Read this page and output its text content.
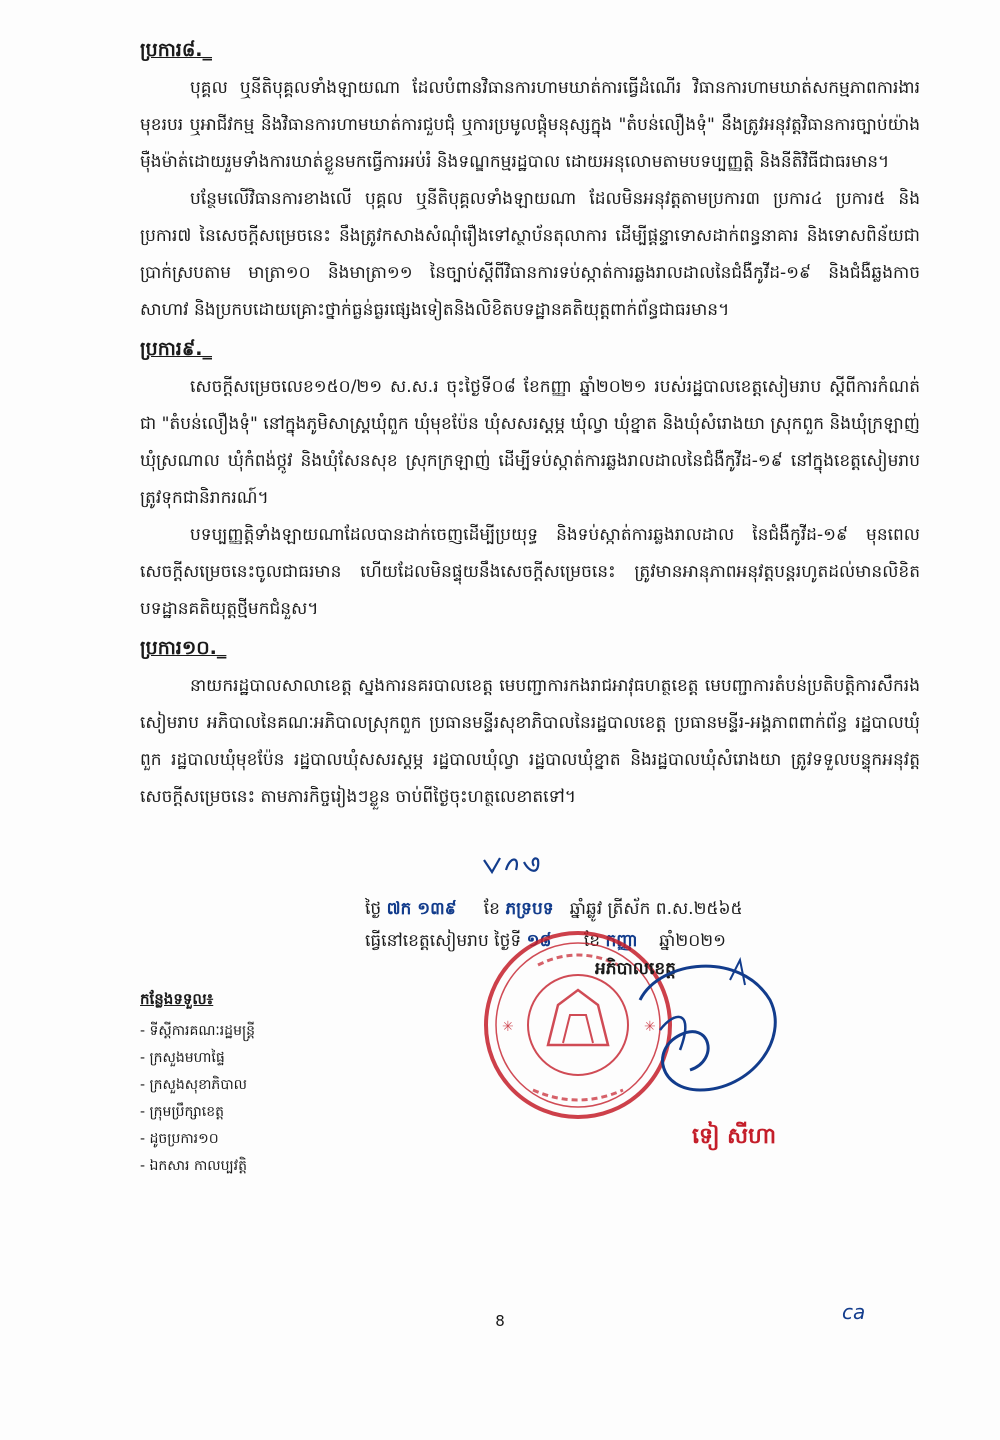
ប្រការ៨._

បុគ្គល ឬនីតិបុគ្គលទាំងឡាយណា ដែលបំពានវិធានការហាមឃាត់ការធ្វើដំណើរ វិធានការហាមឃាត់សកម្មភាពការងារ មុខរបរ ឬអាជីវកម្ម និងវិធានការហាមឃាត់ការជួបជុំ ឬការប្រមូលផ្តុំមនុស្សក្នុង "តំបន់លឿងទុំ" នឹងត្រូវអនុវត្តវិធានការច្បាប់យ៉ាងម៉ឺងម៉ាត់ដោយរួមទាំងការឃាត់ខ្លួនមកធ្វើការអប់រំ និងទណ្ឌកម្មរដ្ឋបាល ដោយអនុលោមតាមបទប្បញ្ញត្តិ និងនីតិវិធីជាធរមាន។

បន្ថែមលើវិធានការខាងលើ បុគ្គល ឬនីតិបុគ្គលទាំងឡាយណា ដែលមិនអនុវត្តតាមប្រការ៣ ប្រការ៤ ប្រការ៥ និងប្រការ៧ នៃសេចក្តីសម្រេចនេះ នឹងត្រូវកសាងសំណុំរឿងទៅស្ថាប័នតុលាការ ដើម្បីផ្តន្ទាទោសដាក់ពន្ធនាគារ និងទោសពិន័យជាប្រាក់ស្របតាម មាត្រា១០ និងមាត្រា១១ នៃច្បាប់ស្តីពីវិធានការទប់ស្កាត់ការឆ្លងរាលដាលនៃជំងឺកូវីដ-១៩ និងជំងឺឆ្លងកាចសាហាវ និងប្រកបដោយគ្រោះថ្នាក់ធ្ងន់ធ្ងរផ្សេងទៀតនិងលិខិតបទដ្ឋានគតិយុត្តពាក់ព័ន្ធជាធរមាន។

ប្រការ៩._

សេចក្តីសម្រេចលេខ១៥០/២១ ស.ស.រ ចុះថ្ងៃទី០៨ ខែកញ្ញា ឆ្នាំ២០២១ របស់រដ្ឋបាលខេត្តសៀមរាប ស្តីពីការកំណត់ជា "តំបន់លឿងទុំ" នៅក្នុងភូមិសាស្ត្រឃុំពួក ឃុំមុខប៉ែន ឃុំសសរស្តម្ភ ឃុំល្វា ឃុំខ្នាត និងឃុំសំរោងយា ស្រុកពួក និងឃុំក្រឡាញ់ ឃុំស្រណាល ឃុំកំពង់ថ្កូវ និងឃុំសែនសុខ ស្រុកក្រឡាញ់ ដើម្បីទប់ស្កាត់ការឆ្លងរាលដាលនៃជំងឺកូវីដ-១៩ នៅក្នុងខេត្តសៀមរាប ត្រូវទុកជានិរាករណ៍។

បទប្បញ្ញត្តិទាំងឡាយណាដែលបានដាក់ចេញដើម្បីប្រយុទ្ធ និងទប់ស្កាត់ការឆ្លងរាលដាល នៃជំងឺកូវីដ-១៩ មុនពេលសេចក្តីសម្រេចនេះចូលជាធរមាន ហើយដែលមិនផ្ទុយនឹងសេចក្តីសម្រេចនេះ ត្រូវមានអានុភាពអនុវត្តបន្តរហូតដល់មានលិខិតបទដ្ឋានគតិយុត្តថ្មីមកជំនួស។

ប្រការ១០._

នាយករដ្ឋបាលសាលាខេត្ត ស្នងការនគរបាលខេត្ត មេបញ្ជាការកងរាជអាវុធហត្ថខេត្ត មេបញ្ជាការតំបន់ប្រតិបត្តិការសឹករងសៀមរាប អភិបាលនៃគណៈអភិបាលស្រុកពួក ប្រធានមន្ទីរសុខាភិបាលនៃរដ្ឋបាលខេត្ត ប្រធានមន្ទីរ-អង្គភាពពាក់ព័ន្ធ រដ្ឋបាលឃុំពួក រដ្ឋបាលឃុំមុខប៉ែន រដ្ឋបាលឃុំសសរស្តម្ភ រដ្ឋបាលឃុំល្វា រដ្ឋបាលឃុំខ្នាត និងរដ្ឋបាលឃុំសំរោងយា ត្រូវទទួលបន្ទុកអនុវត្តសេចក្តីសម្រេចនេះ តាមភារកិច្ចរៀងៗខ្លួន ចាប់ពីថ្ងៃចុះហត្ថលេខាតទៅ។

ថ្ងៃ ៧ក ១៣៩ ខែ ភទ្របទ ឆ្នាំឆ្លូវ ត្រីស័ក ព.ស.២៥៦៥
ធ្វើនៅខេត្តសៀមរាប ថ្ងៃទី ១៨ ខែ កញ្ញា ឆ្នាំ២០២១
✳	✳
អភិបាលខេត្ត
ទៀ សីហា

កន្លែងទទួល៖

- ទីស្តីការគណៈរដ្ឋមន្ត្រី

- ក្រសួងមហាផ្ទៃ

- ក្រសួងសុខាភិបាល

- ក្រុមប្រឹក្សាខេត្ត

- ដូចប្រការ១០

- ឯកសារ កាលប្បវត្តិ

8	ca
